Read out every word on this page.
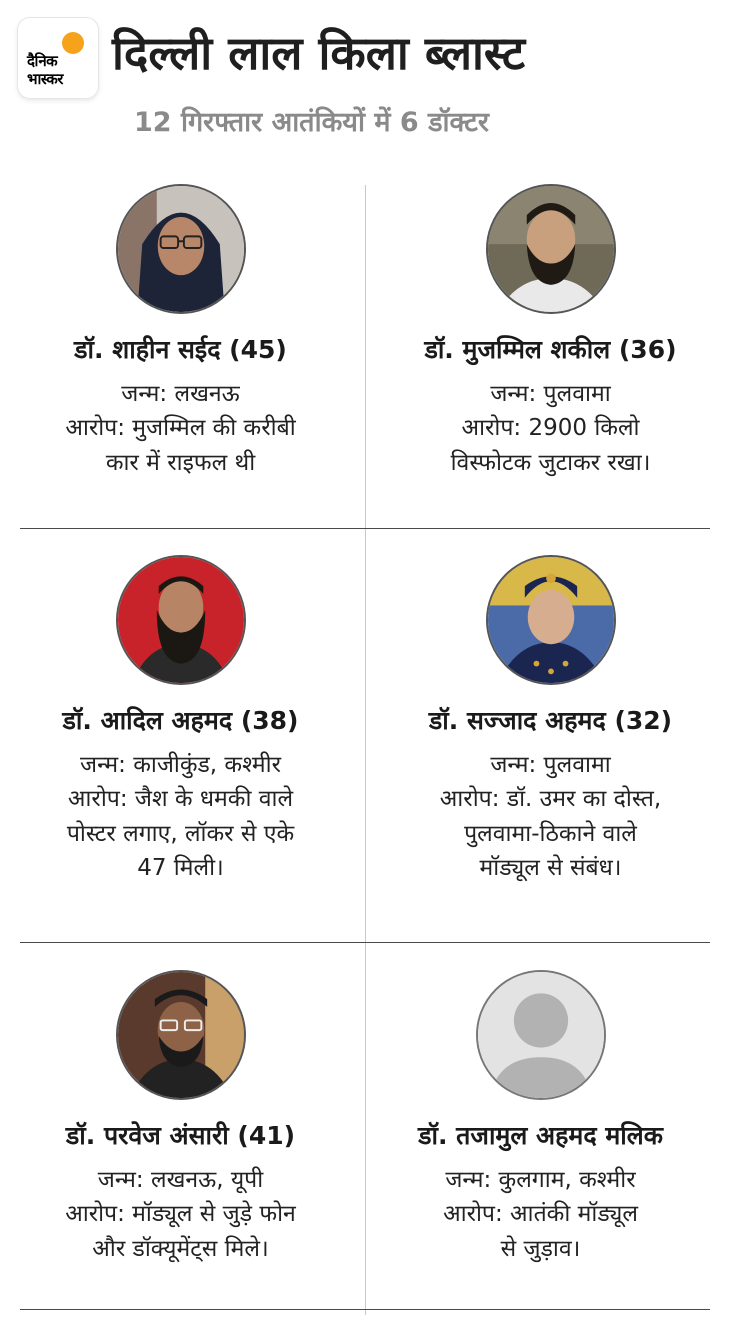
दैनिक
भास्कर दिल्ली लाल किला ब्लास्ट
12 गिरफ्तार आतंकियों में 6 डॉक्टर
डॉ. शाहीन सईद (45)
जन्म: लखनऊ
आरोप: मुजम्मिल की करीबी
कार में राइफल थी
डॉ. मुजम्मिल शकील (36)
जन्म: पुलवामा
आरोप: 2900 किलो
विस्फोटक जुटाकर रखा।
डॉ. आदिल अहमद (38)
जन्म: काजीकुंड, कश्मीर
आरोप: जैश के धमकी वाले
पोस्टर लगाए, लॉकर से एके
47 मिली।
डॉ. सज्जाद अहमद (32)
जन्म: पुलवामा
आरोप: डॉ. उमर का दोस्त,
पुलवामा-ठिकाने वाले
मॉड्यूल से संबंध।
डॉ. परवेज अंसारी (41)
जन्म: लखनऊ, यूपी
आरोप: मॉड्यूल से जुड़े फोन
और डॉक्यूमेंट्स मिले।
डॉ. तजामुल अहमद मलिक
जन्म: कुलगाम, कश्मीर
आरोप: आतंकी मॉड्यूल
से जुड़ाव।
